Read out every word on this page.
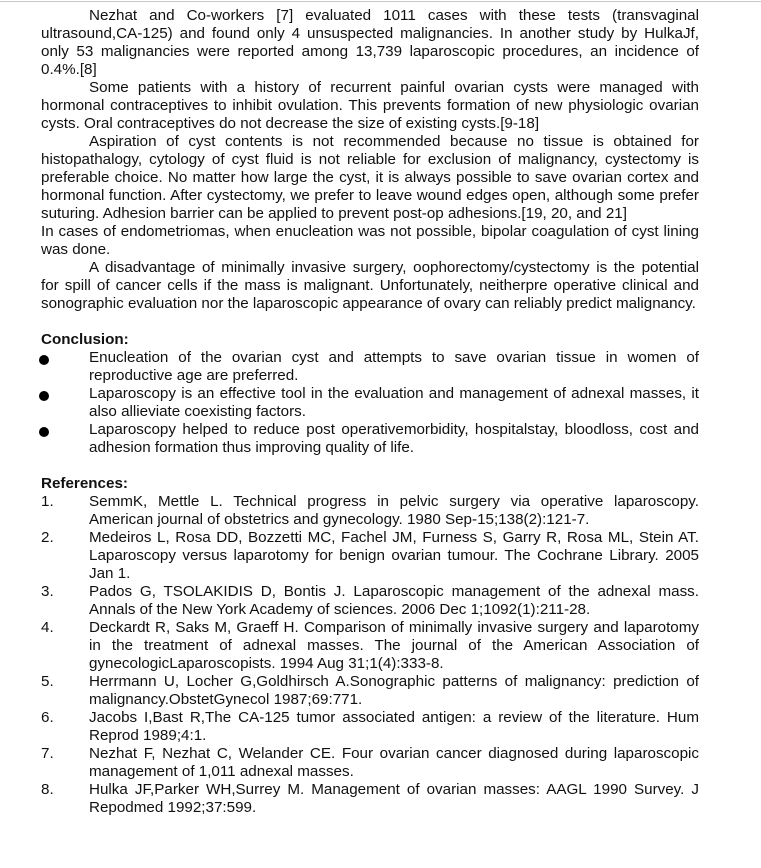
Nezhat and Co-workers [7] evaluated 1011 cases with these tests (transvaginal ultrasound,CA-125) and found only 4 unsuspected malignancies. In another study by HulkaJf, only 53 malignancies were reported among 13,739 laparoscopic procedures, an incidence of 0.4%.[8]

Some patients with a history of recurrent painful ovarian cysts were managed with hormonal contraceptives to inhibit ovulation. This prevents formation of new physiologic ovarian cysts. Oral contraceptives do not decrease the size of existing cysts.[9-18]

Aspiration of cyst contents is not recommended because no tissue is obtained for histopathalogy, cytology of cyst fluid is not reliable for exclusion of malignancy, cystectomy is preferable choice. No matter how large the cyst, it is always possible to save ovarian cortex and hormonal function. After cystectomy, we prefer to leave wound edges open, although some prefer suturing. Adhesion barrier can be applied to prevent post-op adhesions.[19, 20, and 21]

In cases of endometriomas, when enucleation was not possible, bipolar coagulation of cyst lining was done.

A disadvantage of minimally invasive surgery, oophorectomy/cystectomy is the potential for spill of cancer cells if the mass is malignant. Unfortunately, neitherpre operative clinical and sonographic evaluation nor the laparoscopic appearance of ovary can reliably predict malignancy.

Conclusion:
Enucleation of the ovarian cyst and attempts to save ovarian tissue in women of reproductive age are preferred.
Laparoscopy is an effective tool in the evaluation and management of adnexal masses, it also allieviate coexisting factors.
Laparoscopy helped to reduce post operativemorbidity, hospitalstay, bloodloss, cost and adhesion formation thus improving quality of life.
References:
1. SemmK, Mettle L. Technical progress in pelvic surgery via operative laparoscopy. American journal of obstetrics and gynecology. 1980 Sep-15;138(2):121-7.
2. Medeiros L, Rosa DD, Bozzetti MC, Fachel JM, Furness S, Garry R, Rosa ML, Stein AT. Laparoscopy versus laparotomy for benign ovarian tumour. The Cochrane Library. 2005 Jan 1.
3. Pados G, TSOLAKIDIS D, Bontis J. Laparoscopic management of the adnexal mass. Annals of the New York Academy of sciences. 2006 Dec 1;1092(1):211-28.
4. Deckardt R, Saks M, Graeff H. Comparison of minimally invasive surgery and laparotomy in the treatment of adnexal masses. The journal of the American Association of gynecologicLaparoscopists. 1994 Aug 31;1(4):333-8.
5. Herrmann U, Locher G,Goldhirsch A.Sonographic patterns of malignancy: prediction of malignancy.ObstetGynecol 1987;69:771.
6. Jacobs I,Bast R,The CA-125 tumor associated antigen: a review of the literature. Hum Reprod 1989;4:1.
7. Nezhat F, Nezhat C, Welander CE. Four ovarian cancer diagnosed during laparoscopic management of 1,011 adnexal masses.
8. Hulka JF,Parker WH,Surrey M. Management of ovarian masses: AAGL 1990 Survey. J Repodmed 1992;37:599.
